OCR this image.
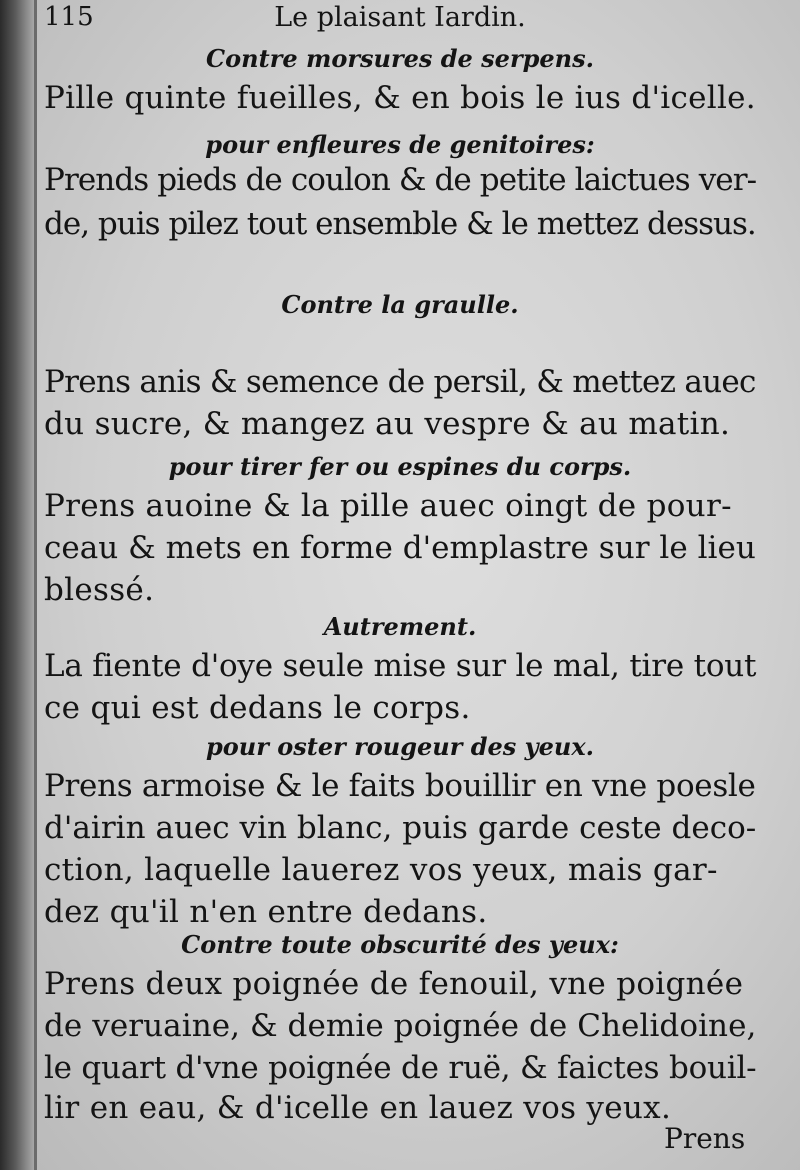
115	Le plaisant Iardin.
Contre morsures de serpens.
Pille quinte fueilles, & en bois le ius d'icelle.
pour enfleures de genitoires:
Prends pieds de coulon & de petite laictues ver-
de, puis pilez tout ensemble & le mettez dessus.
Contre la graulle.
Prens anis & semence de persil, & mettez auec
du sucre, & mangez au vespre & au matin.
pour tirer fer ou espines du corps.
Prens auoine & la pille auec oingt de pour-
ceau & mets en forme d'emplastre sur le lieu
blessé.
Autrement.
La fiente d'oye seule mise sur le mal, tire tout
ce qui est dedans le corps.
pour oster rougeur des yeux.
Prens armoise & le faits bouillir en vne poesle
d'airin auec vin blanc, puis garde ceste deco-
ction, laquelle lauerez vos yeux, mais gar-
dez qu'il n'en entre dedans.
Contre toute obscurité des yeux:
Prens deux poignée de fenouil, vne poignée
de veruaine, & demie poignée de Chelidoine,
le quart d'vne poignée de ruë, & faictes bouil-
lir en eau, & d'icelle en lauez vos yeux.
Prens
